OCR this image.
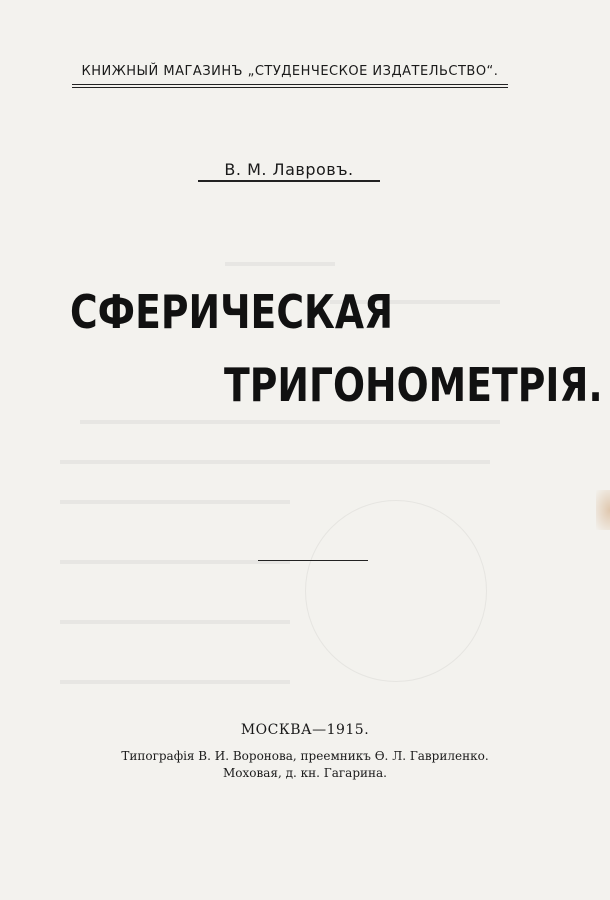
КНИЖНЫЙ МАГАЗИНЪ „СТУДЕНЧЕСКОЕ ИЗДАТЕЛЬСТВО“.
В. М. Лавровъ.
СФЕРИЧЕСКАЯ
ТРИГОНОМЕТРІЯ.
МОСКВА—1915.
Типографія В. И. Воронова, преемникъ Ѳ. Л. Гавриленко.
Моховая, д. кн. Гагарина.
